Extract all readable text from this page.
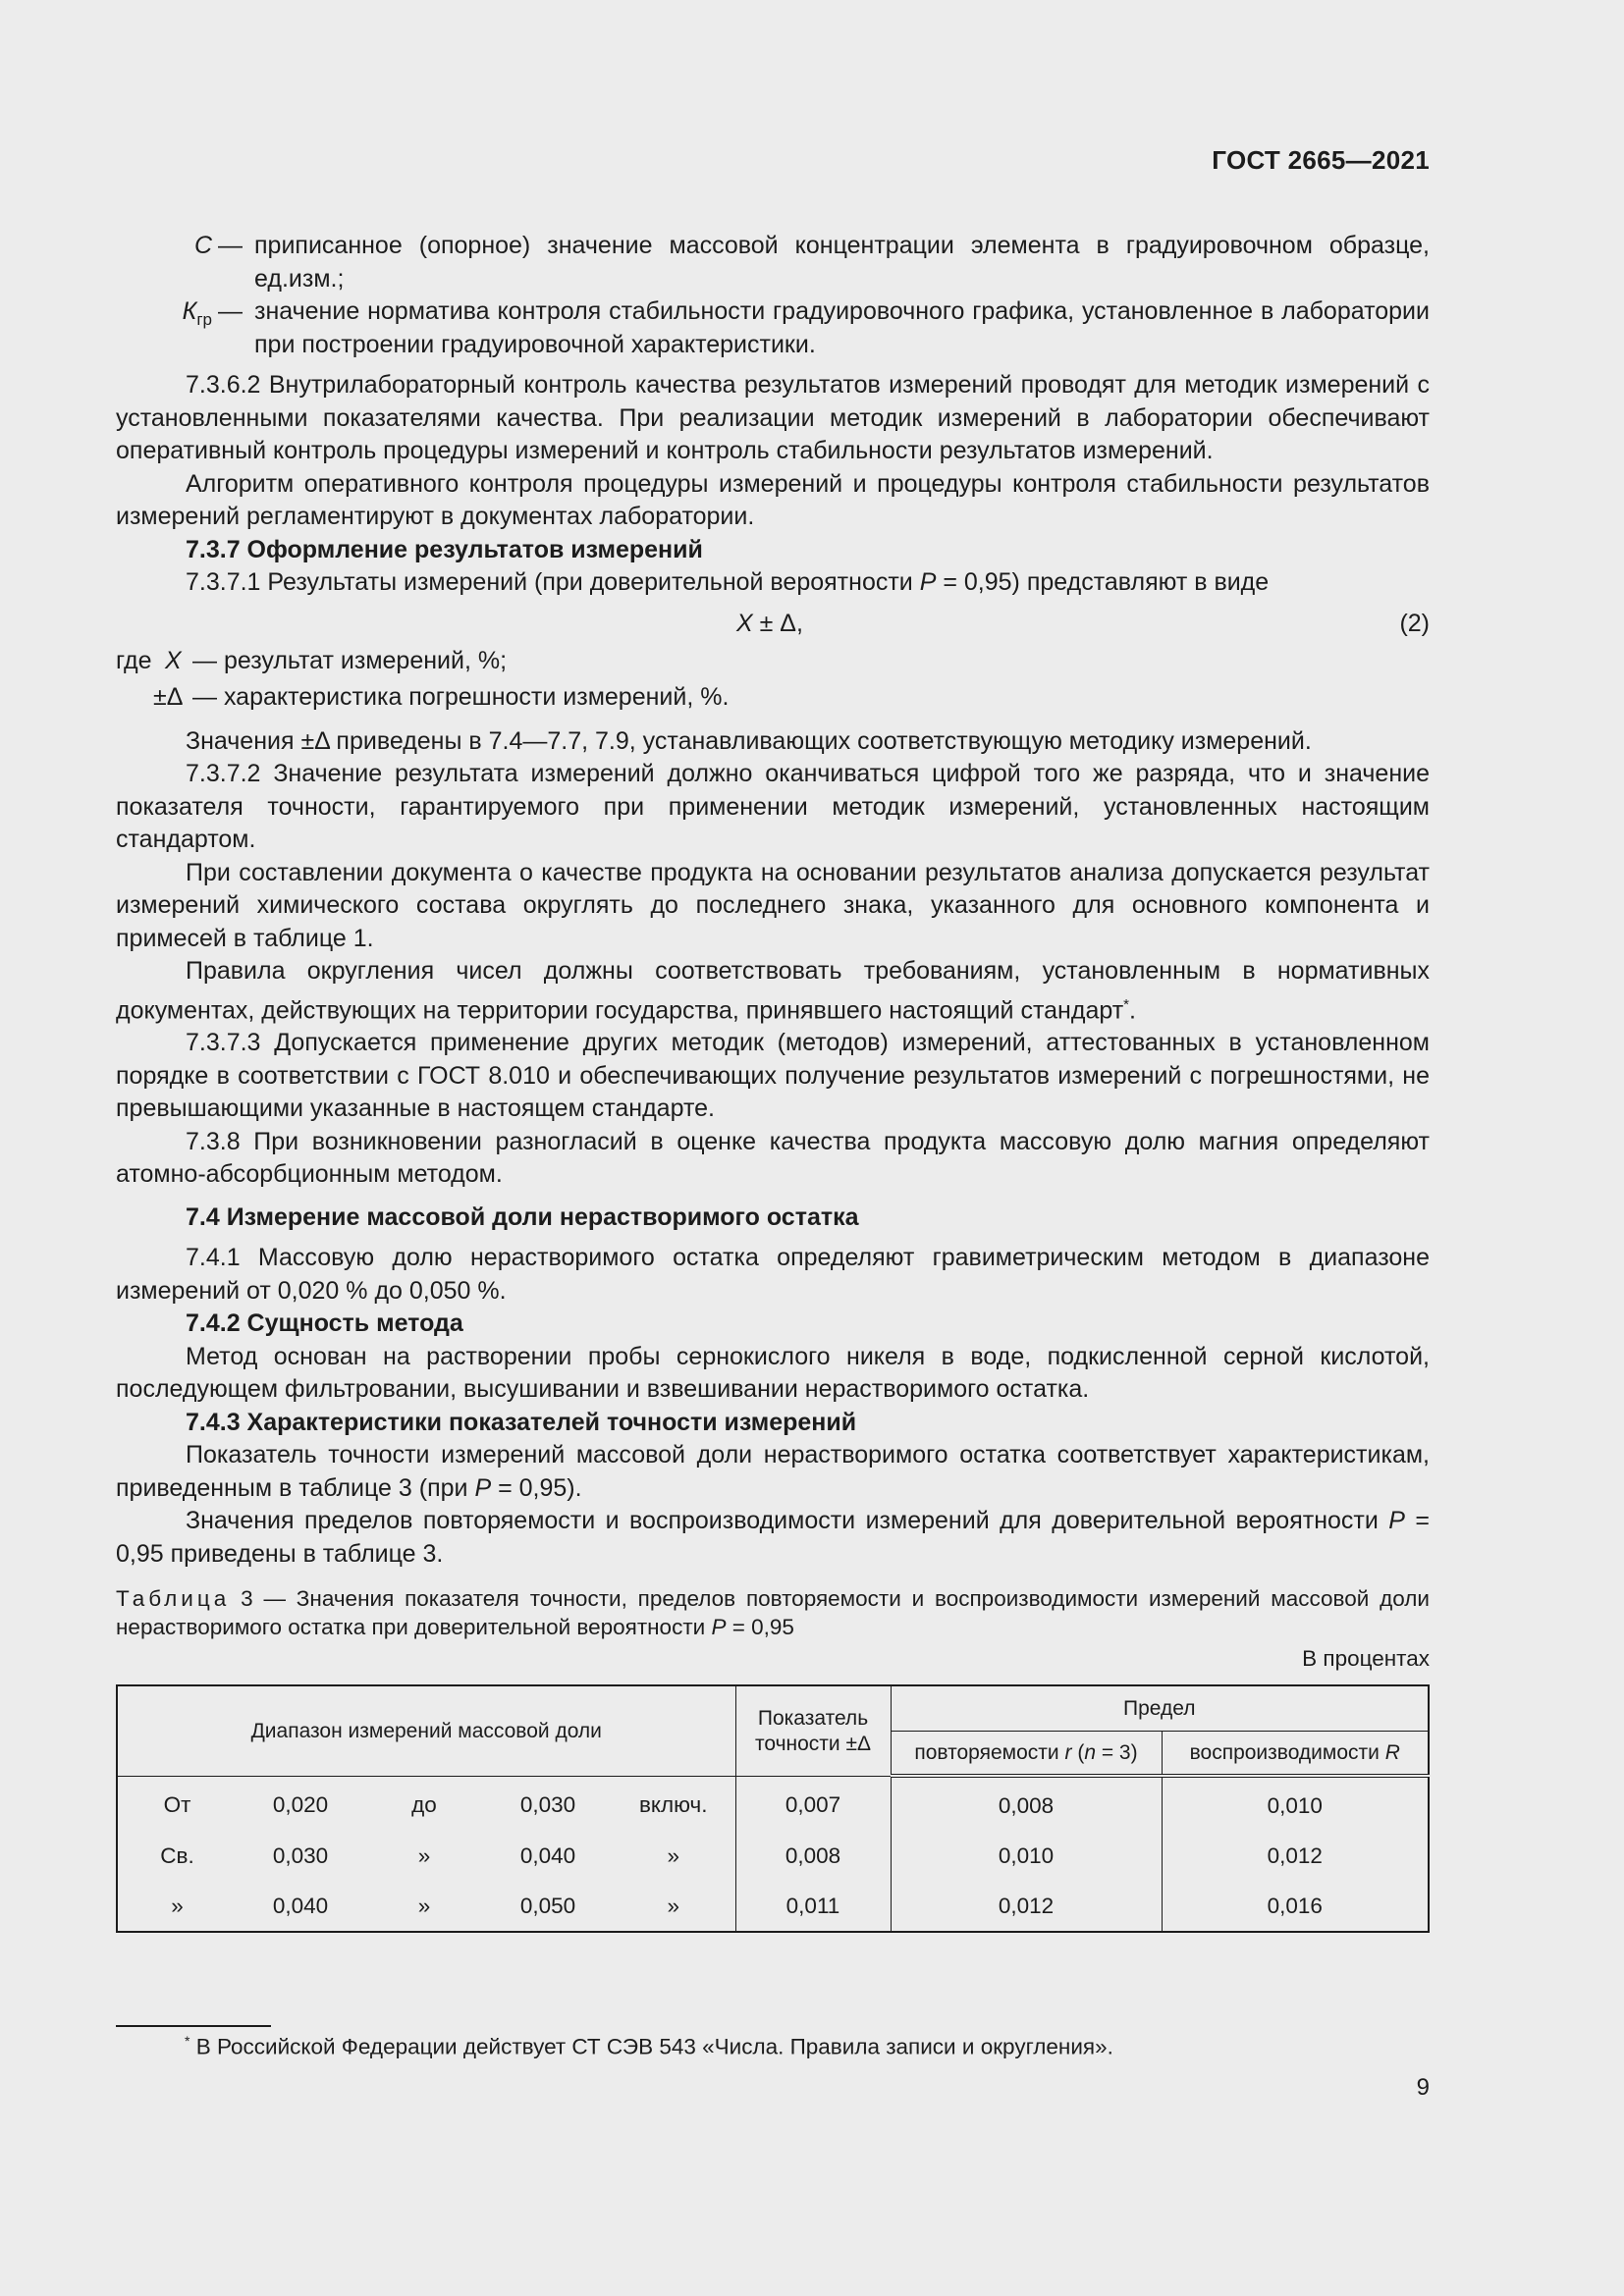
ГОСТ 2665—2021
С — приписанное (опорное) значение массовой концентрации элемента в градуировочном образце, ед.изм.;
$К_{гр}$ — значение норматива контроля стабильности градуировочного графика, установленное в лаборатории при построении градуировочной характеристики.

7.3.6.2 Внутрилабораторный контроль качества результатов измерений проводят для методик измерений с установленными показателями качества. При реализации методик измерений в лаборатории обеспечивают оперативный контроль процедуры измерений и контроль стабильности результатов измерений.

Алгоритм оперативного контроля процедуры измерений и процедуры контроля стабильности результатов измерений регламентируют в документах лаборатории.

7.3.7 Оформление результатов измерений

7.3.7.1 Результаты измерений (при доверительной вероятности Р = 0,95) представляют в виде

X ± Δ,	(2)
где X — результат измерений, %;
±Δ — характеристика погрешности измерений, %.

Значения ±Δ приведены в 7.4—7.7, 7.9, устанавливающих соответствующую методику измерений.

7.3.7.2 Значение результата измерений должно оканчиваться цифрой того же разряда, что и значение показателя точности, гарантируемого при применении методик измерений, установленных настоящим стандартом.

При составлении документа о качестве продукта на основании результатов анализа допускается результат измерений химического состава округлять до последнего знака, указанного для основного компонента и примесей в таблице 1.

Правила округления чисел должны соответствовать требованиям, установленным в нормативных документах, действующих на территории государства, принявшего настоящий стандарт*.

7.3.7.3 Допускается применение других методик (методов) измерений, аттестованных в установленном порядке в соответствии с ГОСТ 8.010 и обеспечивающих получение результатов измерений с погрешностями, не превышающими указанные в настоящем стандарте.

7.3.8 При возникновении разногласий в оценке качества продукта массовую долю магния определяют атомно-абсорбционным методом.

7.4 Измерение массовой доли нерастворимого остатка

7.4.1 Массовую долю нерастворимого остатка определяют гравиметрическим методом в диапазоне измерений от 0,020 % до 0,050 %.

7.4.2 Сущность метода

Метод основан на растворении пробы сернокислого никеля в воде, подкисленной серной кислотой, последующем фильтровании, высушивании и взвешивании нерастворимого остатка.

7.4.3 Характеристики показателей точности измерений

Показатель точности измерений массовой доли нерастворимого остатка соответствует характеристикам, приведенным в таблице 3 (при Р = 0,95).

Значения пределов повторяемости и воспроизводимости измерений для доверительной вероятности Р = 0,95 приведены в таблице 3.

Таблица 3 — Значения показателя точности, пределов повторяемости и воспроизводимости измерений массовой доли нерастворимого остатка при доверительной вероятности Р = 0,95
В процентах
Диапазон измерений массовой доли					Показатель
точности ±Δ	Предел	
						повторяемости r (n = 3)	воспроизводимости R
От	0,020	до	0,030	включ.	0,007	0,008	0,010
Св.	0,030	»	0,040	»	0,008	0,010	0,012
»	0,040	»	0,050	»	0,011	0,012	0,016
* В Российской Федерации действует СТ СЭВ 543 «Числа. Правила записи и округления».
9
